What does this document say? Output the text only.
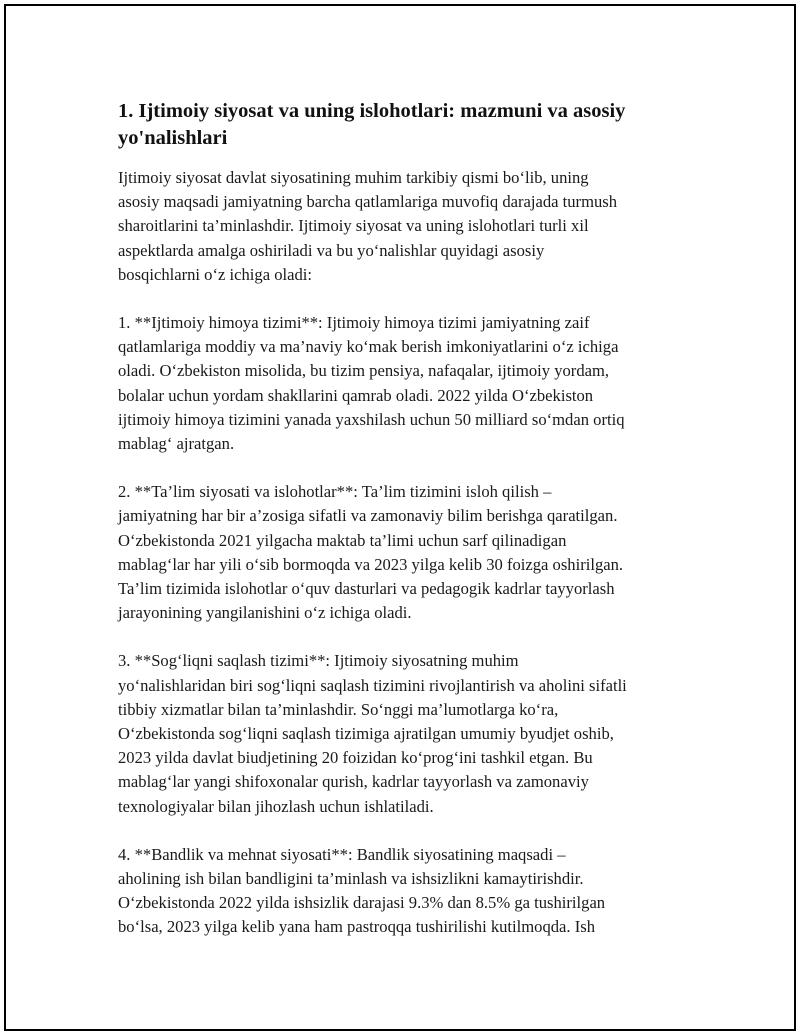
1. Ijtimoiy siyosat va uning islohotlari: mazmuni va asosiy yo'nalishlari

Ijtimoiy siyosat davlat siyosatining muhim tarkibiy qismi bo‘lib, uning
asosiy maqsadi jamiyatning barcha qatlamlariga muvofiq darajada turmush
sharoitlarini ta’minlashdir. Ijtimoiy siyosat va uning islohotlari turli xil
aspektlarda amalga oshiriladi va bu yo‘nalishlar quyidagi asosiy
bosqichlarni o‘z ichiga oladi:

1. **Ijtimoiy himoya tizimi**: Ijtimoiy himoya tizimi jamiyatning zaif
qatlamlariga moddiy va ma’naviy ko‘mak berish imkoniyatlarini o‘z ichiga
oladi. O‘zbekiston misolida, bu tizim pensiya, nafaqalar, ijtimoiy yordam,
bolalar uchun yordam shakllarini qamrab oladi. 2022 yilda O‘zbekiston
ijtimoiy himoya tizimini yanada yaxshilash uchun 50 milliard so‘mdan ortiq
mablag‘ ajratgan.

2. **Ta’lim siyosati va islohotlar**: Ta’lim tizimini isloh qilish –
jamiyatning har bir a’zosiga sifatli va zamonaviy bilim berishga qaratilgan.
O‘zbekistonda 2021 yilgacha maktab ta’limi uchun sarf qilinadigan
mablag‘lar har yili o‘sib bormoqda va 2023 yilga kelib 30 foizga oshirilgan.
Ta’lim tizimida islohotlar o‘quv dasturlari va pedagogik kadrlar tayyorlash
jarayonining yangilanishini o‘z ichiga oladi.

3. **Sog‘liqni saqlash tizimi**: Ijtimoiy siyosatning muhim
yo‘nalishlaridan biri sog‘liqni saqlash tizimini rivojlantirish va aholini sifatli
tibbiy xizmatlar bilan ta’minlashdir. So‘nggi ma’lumotlarga ko‘ra,
O‘zbekistonda sog‘liqni saqlash tizimiga ajratilgan umumiy byudjet oshib,
2023 yilda davlat biudjetining 20 foizidan ko‘prog‘ini tashkil etgan. Bu
mablag‘lar yangi shifoxonalar qurish, kadrlar tayyorlash va zamonaviy
texnologiyalar bilan jihozlash uchun ishlatiladi.

4. **Bandlik va mehnat siyosati**: Bandlik siyosatining maqsadi –
aholining ish bilan bandligini ta’minlash va ishsizlikni kamaytirishdir.
O‘zbekistonda 2022 yilda ishsizlik darajasi 9.3% dan 8.5% ga tushirilgan
bo‘lsa, 2023 yilga kelib yana ham pastroqqa tushirilishi kutilmoqda. Ish
